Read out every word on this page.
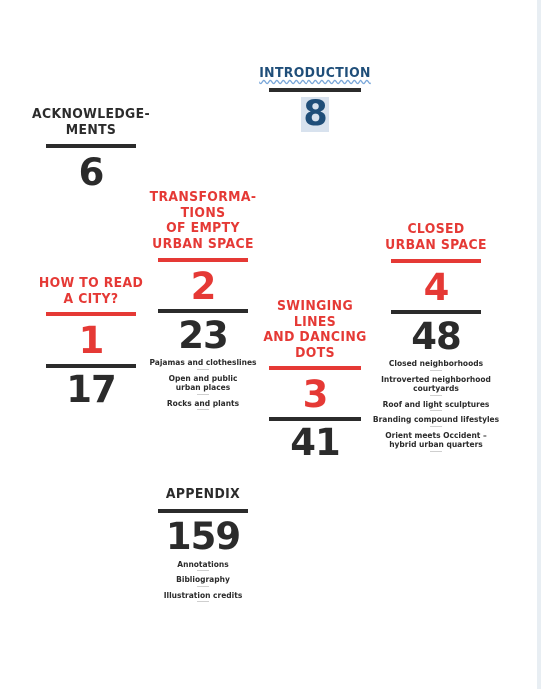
INTRODUCTION
8
ACKNOWLEDGE-
MENTS
6
TRANSFORMA-
TIONS
OF EMPTY
URBAN SPACE
2
23
Pajamas and clotheslines
Open and public
urban places
Rocks and plants
HOW TO READ
A CITY?
1
17
SWINGING
LINES
AND DANCING
DOTS
3
41
CLOSED
URBAN SPACE
4
48
Closed neighborhoods
Introverted neighborhood
courtyards
Roof and light sculptures
Branding compound lifestyles
Orient meets Occident –
hybrid urban quarters
APPENDIX
159
Annotations
Bibliography
Illustration credits
